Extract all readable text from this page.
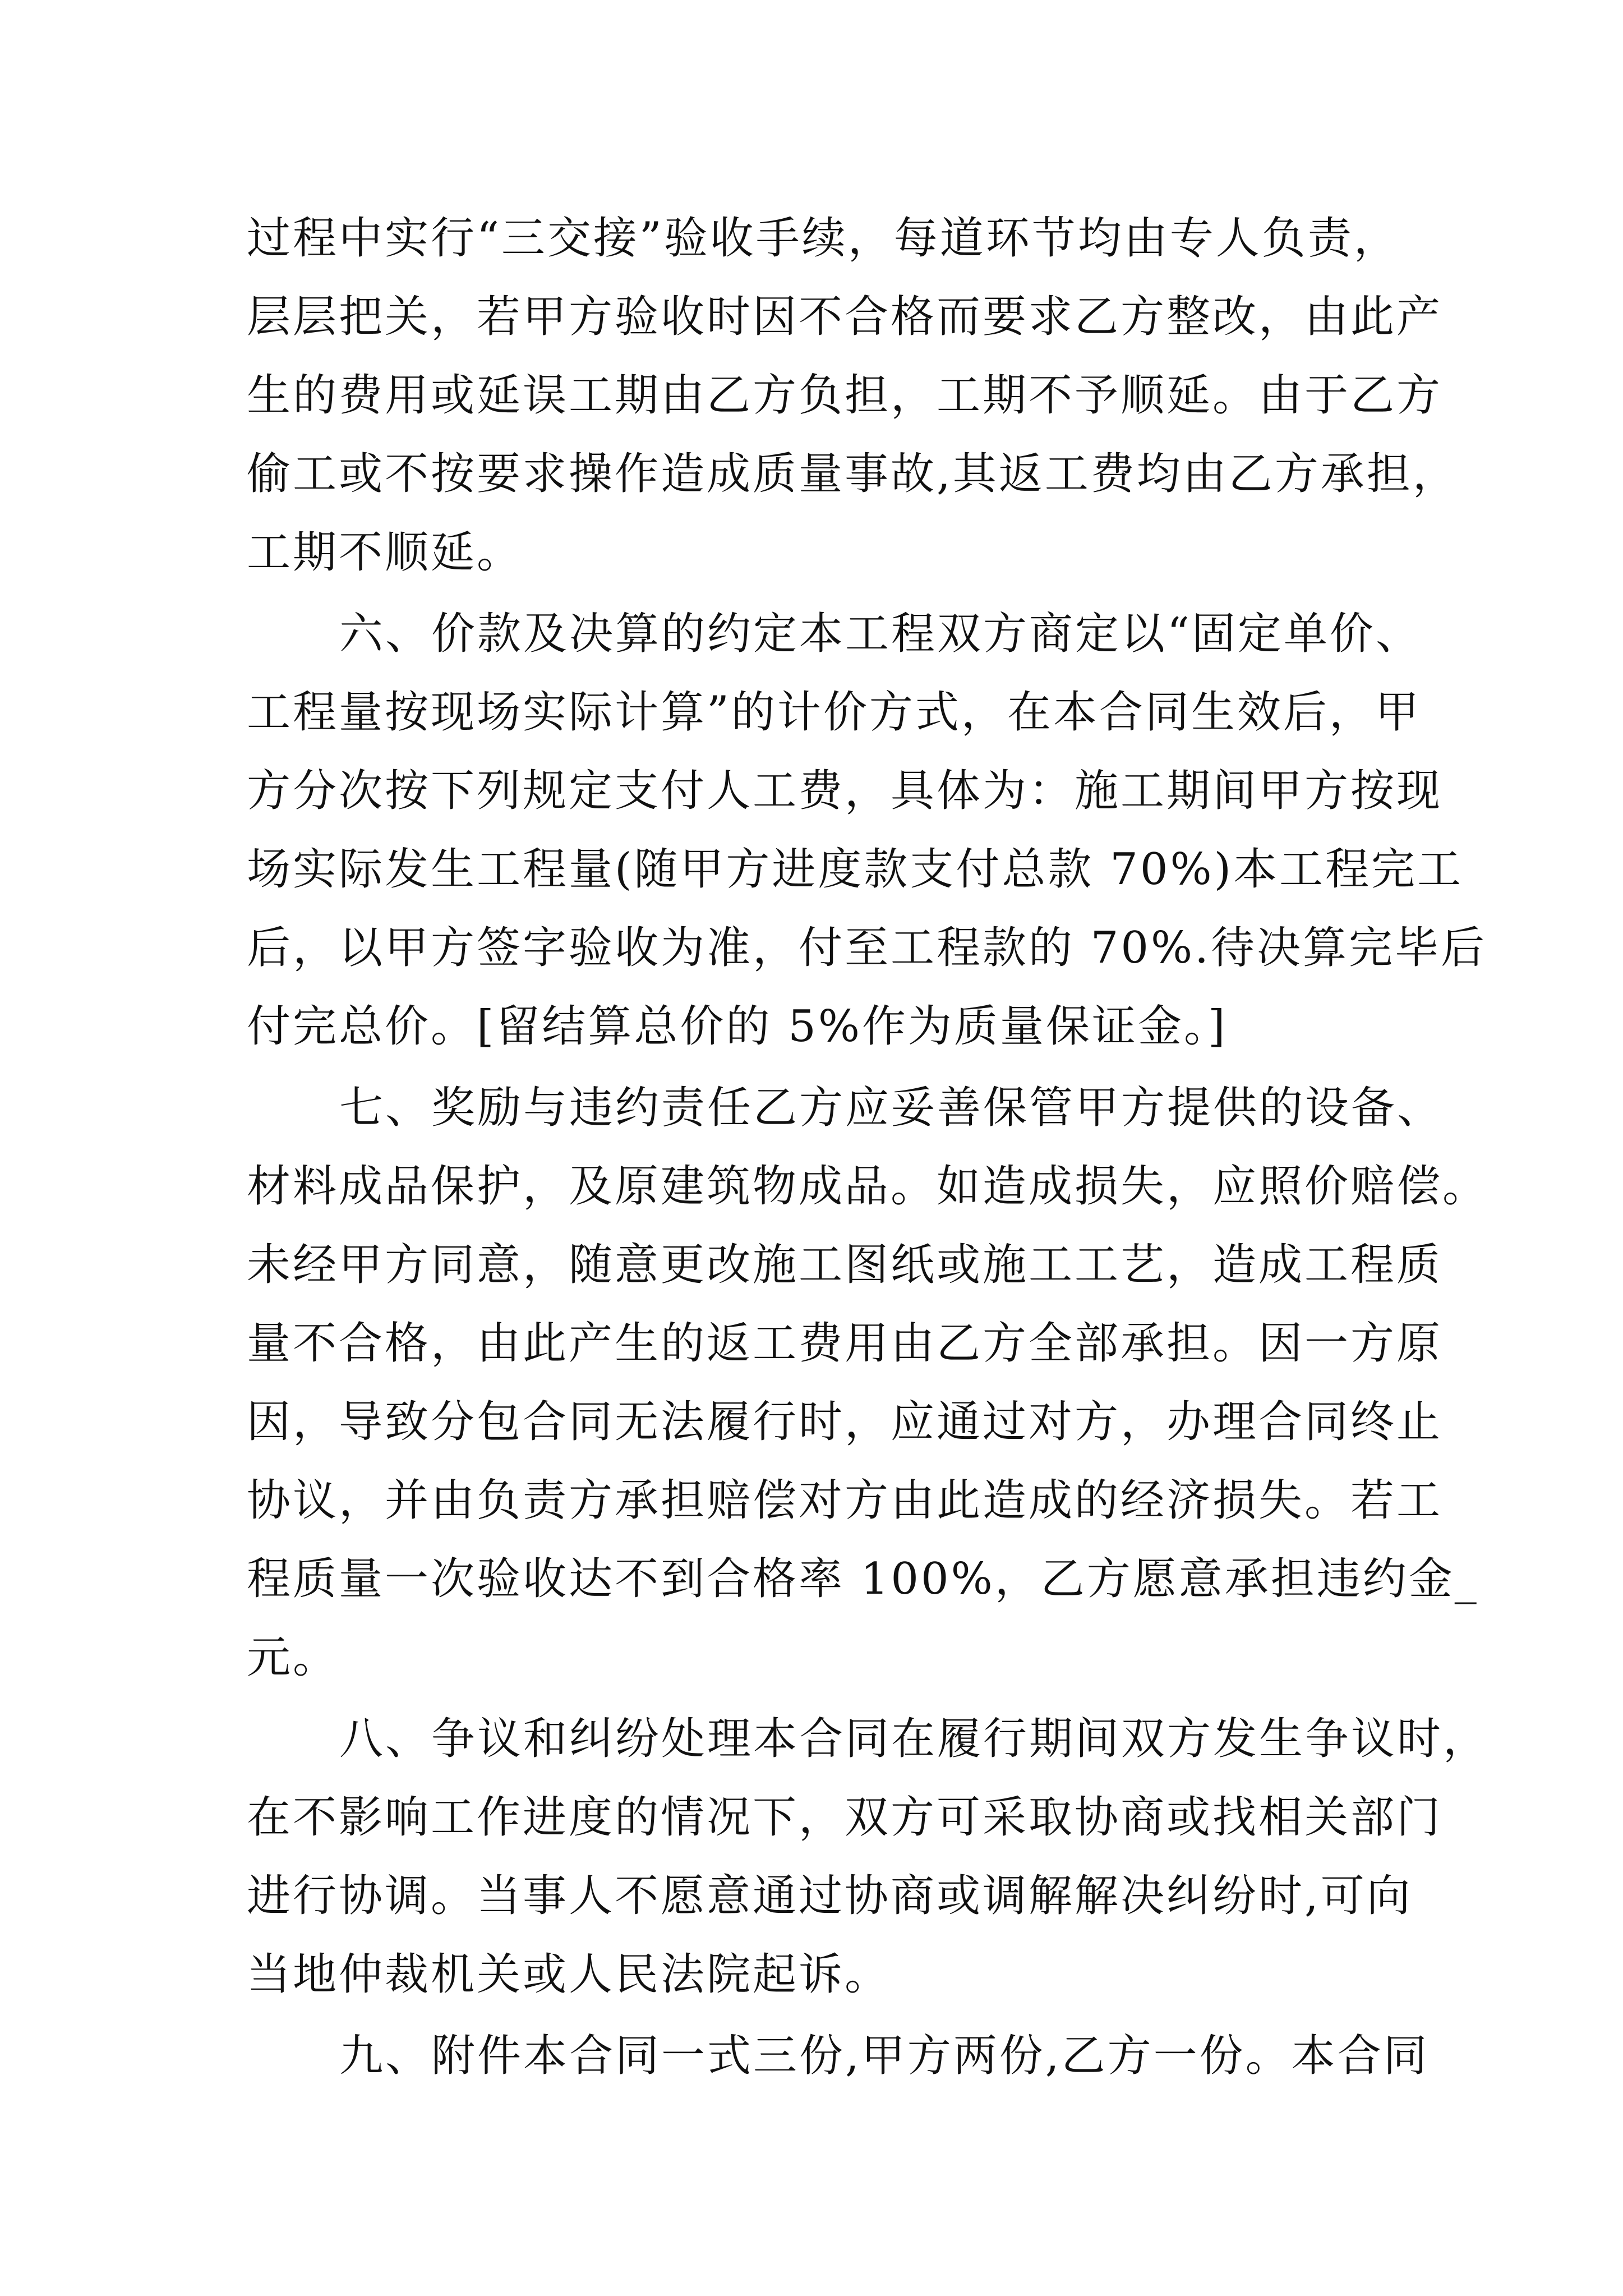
过程中实行“三交接”验收手续，每道环节均由专人负责，
层层把关，若甲方验收时因不合格而要求乙方整改，由此产
生的费用或延误工期由乙方负担，工期不予顺延。由于乙方
偷工或不按要求操作造成质量事故,其返工费均由乙方承担，
工期不顺延。
六、价款及决算的约定本工程双方商定以“固定单价、
工程量按现场实际计算”的计价方式，在本合同生效后，甲
方分次按下列规定支付人工费，具体为：施工期间甲方按现
场实际发生工程量(随甲方进度款支付总款 70%)本工程完工
后，以甲方签字验收为准，付至工程款的 70%.待决算完毕后
付完总价。[留结算总价的 5%作为质量保证金。]
七、奖励与违约责任乙方应妥善保管甲方提供的设备、
材料成品保护，及原建筑物成品。如造成损失，应照价赔偿。
未经甲方同意，随意更改施工图纸或施工工艺，造成工程质
量不合格，由此产生的返工费用由乙方全部承担。因一方原
因，导致分包合同无法履行时，应通过对方，办理合同终止
协议，并由负责方承担赔偿对方由此造成的经济损失。若工
程质量一次验收达不到合格率 100%，乙方愿意承担违约金_
元。
八、争议和纠纷处理本合同在履行期间双方发生争议时，
在不影响工作进度的情况下，双方可采取协商或找相关部门
进行协调。当事人不愿意通过协商或调解解决纠纷时,可向
当地仲裁机关或人民法院起诉。
九、附件本合同一式三份,甲方两份,乙方一份。本合同
